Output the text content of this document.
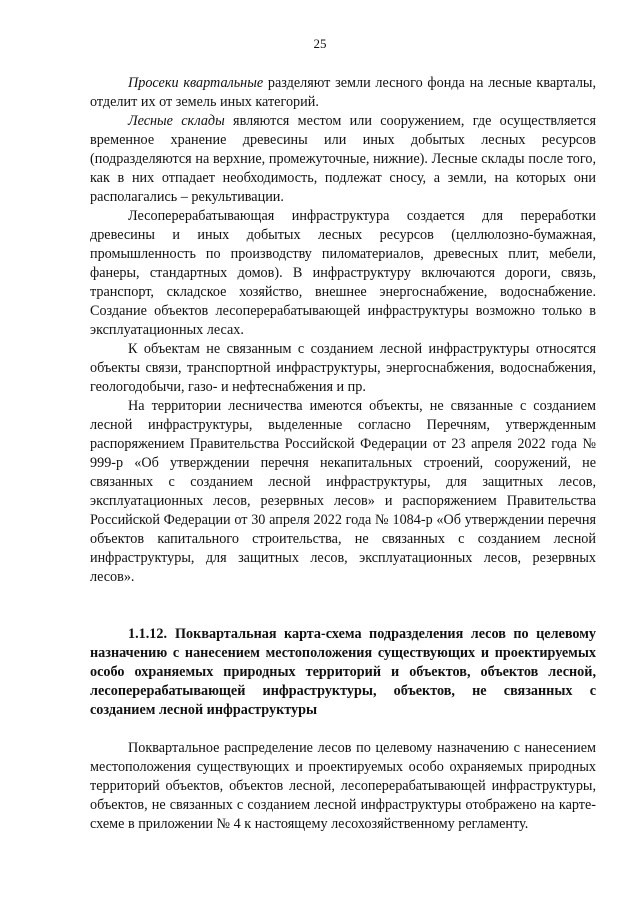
25

Просеки квартальные разделяют земли лесного фонда на лесные кварталы, отделит их от земель иных категорий.

Лесные склады являются местом или сооружением, где осуществляется временное хранение древесины или иных добытых лесных ресурсов (подразделяются на верхние, промежуточные, нижние). Лесные склады после того, как в них отпадает необходимость, подлежат сносу, а земли, на которых они располагались – рекультивации.

Лесоперерабатывающая инфраструктура создается для переработки древесины и иных добытых лесных ресурсов (целлюлозно-бумажная, промышленность по производству пиломатериалов, древесных плит, мебели, фанеры, стандартных домов). В инфраструктуру включаются дороги, связь, транспорт, складское хозяйство, внешнее энергоснабжение, водоснабжение. Создание объектов лесоперерабатывающей инфраструктуры возможно только в эксплуатационных лесах.

К объектам не связанным с созданием лесной инфраструктуры относятся объекты связи, транспортной инфраструктуры, энергоснабжения, водоснабжения, геологодобычи, газо- и нефтеснабжения и пр.

На территории лесничества имеются объекты, не связанные с созданием лесной инфраструктуры, выделенные согласно Перечням, утвержденным распоряжением Правительства Российской Федерации от 23 апреля 2022 года № 999-р «Об утверждении перечня некапитальных строений, сооружений, не связанных с созданием лесной инфраструктуры, для защитных лесов, эксплуатационных лесов, резервных лесов» и распоряжением Правительства Российской Федерации от 30 апреля 2022 года № 1084-р «Об утверждении перечня объектов капитального строительства, не связанных с созданием лесной инфраструктуры, для защитных лесов, эксплуатационных лесов, резервных лесов».

1.1.12. Поквартальная карта-схема подразделения лесов по целевому назначению с нанесением местоположения существующих и проектируемых особо охраняемых природных территорий и объектов, объектов лесной, лесоперерабатывающей инфраструктуры, объектов, не связанных с созданием лесной инфраструктуры

Поквартальное распределение лесов по целевому назначению с нанесением местоположения существующих и проектируемых особо охраняемых природных территорий объектов, объектов лесной, лесоперерабатывающей инфраструктуры, объектов, не связанных с созданием лесной инфраструктуры отображено на карте-схеме в приложении № 4 к настоящему лесохозяйственному регламенту.
